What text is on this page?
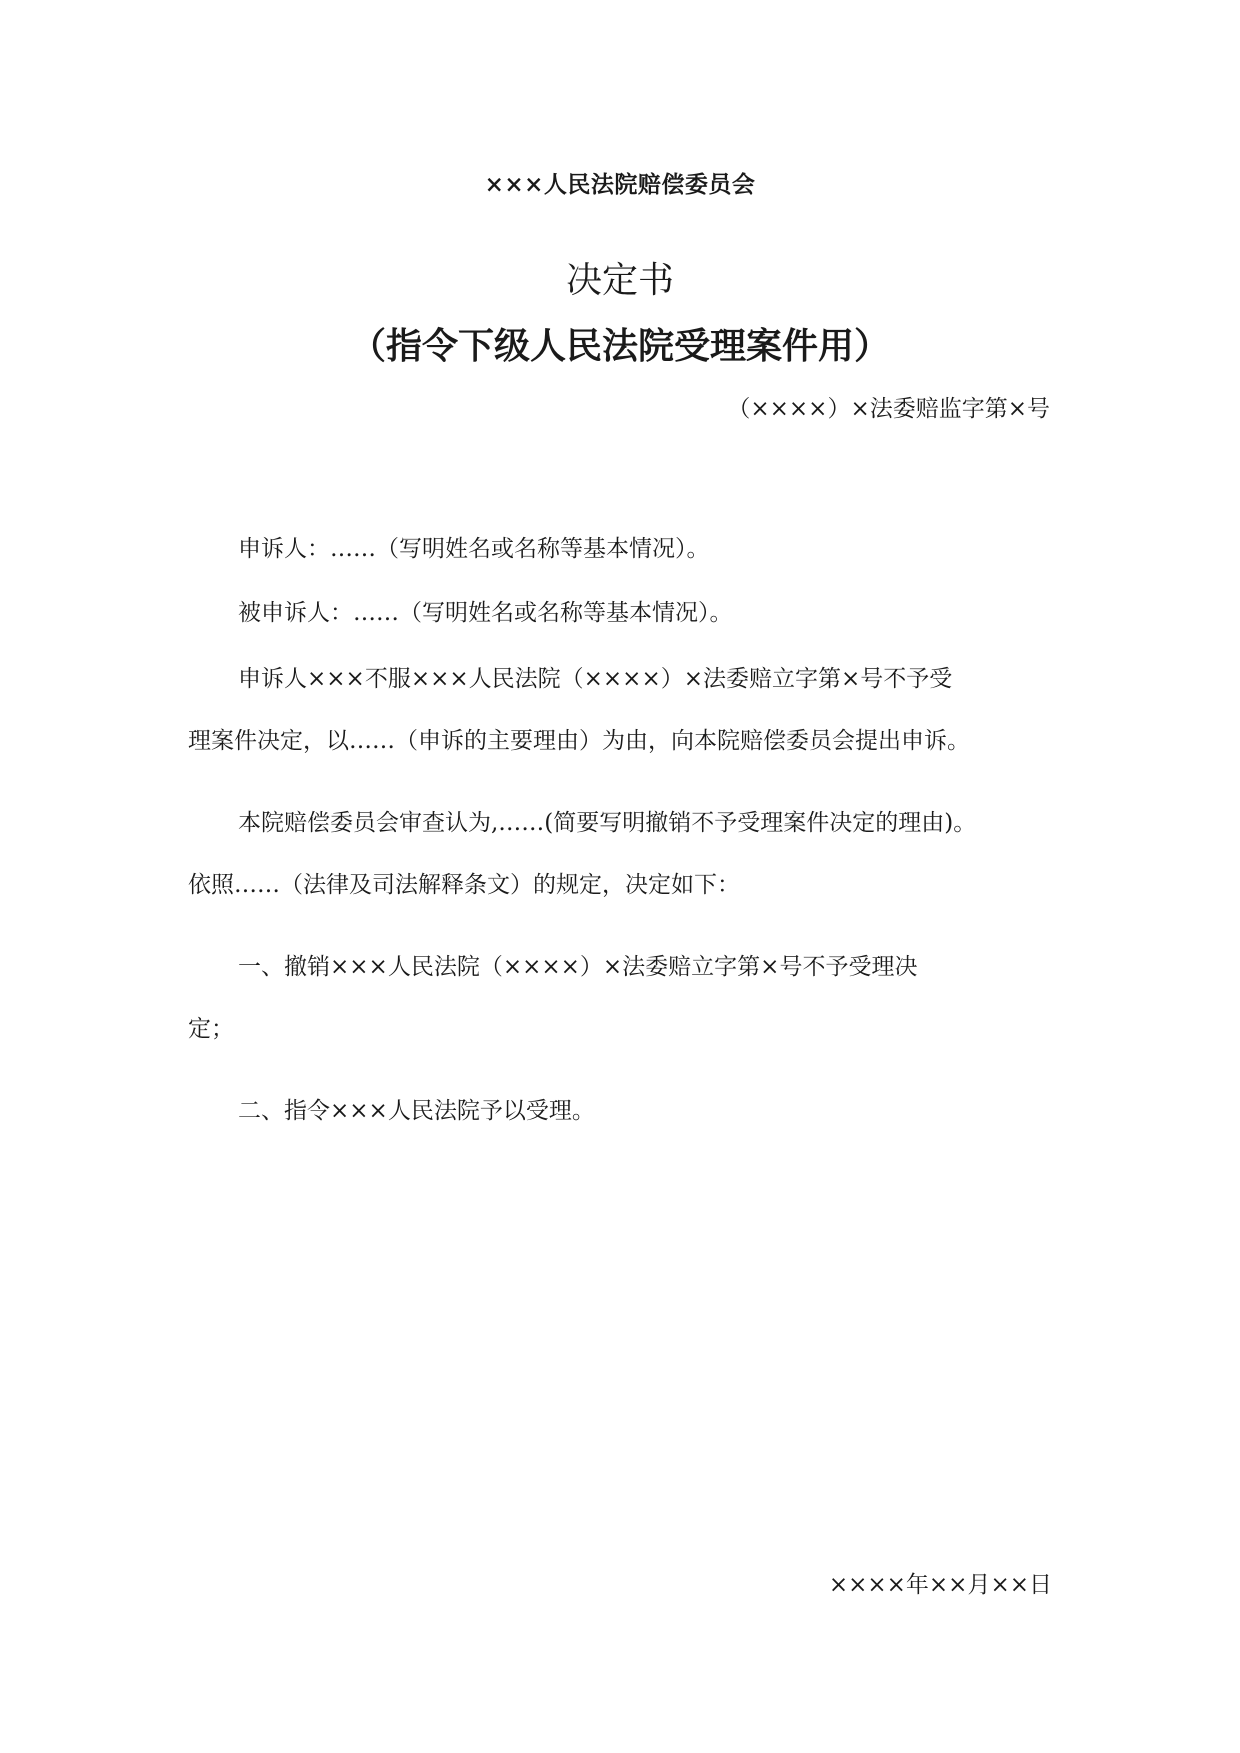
×××人民法院赔偿委员会
决定书
（指令下级人民法院受理案件用）
（××××）×法委赔监字第×号

申诉人：……（写明姓名或名称等基本情况）。

被申诉人：……（写明姓名或名称等基本情况）。

申诉人×××不服×××人民法院（××××）×法委赔立字第×号不予受
理案件决定，以……（申诉的主要理由）为由，向本院赔偿委员会提出申诉。

本院赔偿委员会审查认为,……(简要写明撤销不予受理案件决定的理由)。
依照……（法律及司法解释条文）的规定，决定如下：

一、撤销×××人民法院（××××）×法委赔立字第×号不予受理决
定；

二、指令×××人民法院予以受理。

××××年××月××日
